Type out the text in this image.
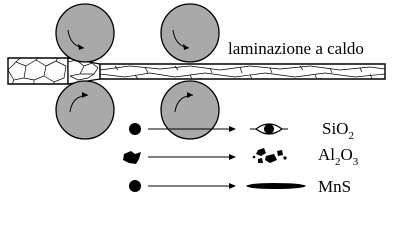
laminazione a caldo
SiO$_2$
$Al_2O_3$
MnS
